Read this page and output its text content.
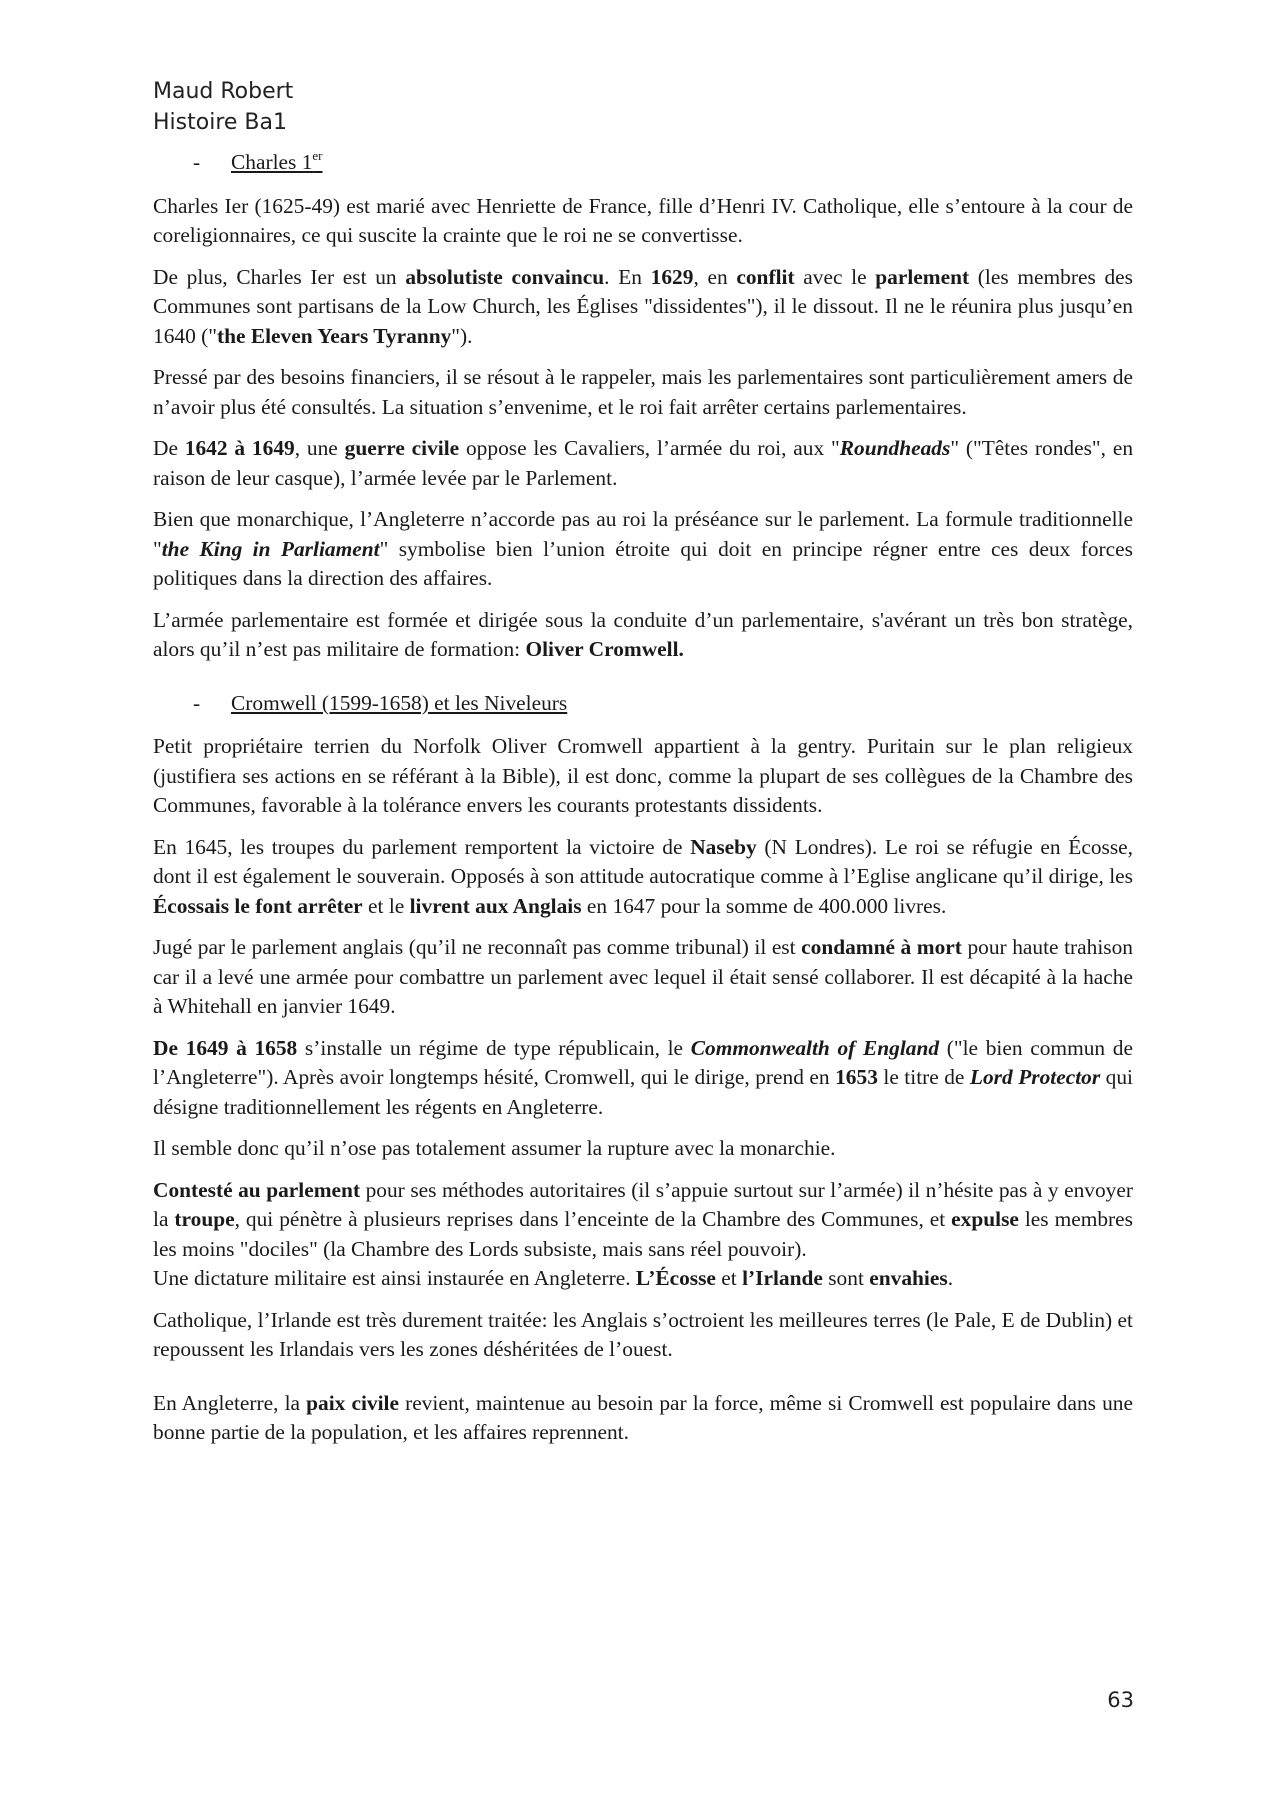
Maud Robert
Histoire Ba1
-	Charles 1er

Charles Ier (1625-49) est marié avec Henriette de France, fille d’Henri IV. Catholique, elle s’entoure à la cour de coreligionnaires, ce qui suscite la crainte que le roi ne se convertisse.

De plus, Charles Ier est un absolutiste convaincu. En 1629, en conflit avec le parlement (les membres des Communes sont partisans de la Low Church, les Églises "dissidentes"), il le dissout. Il ne le réunira plus jusqu’en 1640 ("the Eleven Years Tyranny").

Pressé par des besoins financiers, il se résout à le rappeler, mais les parlementaires sont particulièrement amers de n’avoir plus été consultés. La situation s’envenime, et le roi fait arrêter certains parlementaires.

De 1642 à 1649, une guerre civile oppose les Cavaliers, l’armée du roi, aux "Roundheads" ("Têtes rondes", en raison de leur casque), l’armée levée par le Parlement.

Bien que monarchique, l’Angleterre n’accorde pas au roi la préséance sur le parlement. La formule traditionnelle "the King in Parliament" symbolise bien l’union étroite qui doit en principe régner entre ces deux forces politiques dans la direction des affaires.

L’armée parlementaire est formée et dirigée sous la conduite d’un parlementaire, s'avérant un très bon stratège, alors qu’il n’est pas militaire de formation: Oliver Cromwell.

-	Cromwell (1599-1658) et les Niveleurs

Petit propriétaire terrien du Norfolk Oliver Cromwell appartient à la gentry. Puritain sur le plan religieux (justifiera ses actions en se référant à la Bible), il est donc, comme la plupart de ses collègues de la Chambre des Communes, favorable à la tolérance envers les courants protestants dissidents.

En 1645, les troupes du parlement remportent la victoire de Naseby (N Londres). Le roi se réfugie en Écosse, dont il est également le souverain. Opposés à son attitude autocratique comme à l’Eglise anglicane qu’il dirige, les Écossais le font arrêter et le livrent aux Anglais en 1647 pour la somme de 400.000 livres.

Jugé par le parlement anglais (qu’il ne reconnaît pas comme tribunal) il est condamné à mort pour haute trahison car il a levé une armée pour combattre un parlement avec lequel il était sensé collaborer. Il est décapité à la hache à Whitehall en janvier 1649.

De 1649 à 1658 s’installe un régime de type républicain, le Commonwealth of England ("le bien commun de l’Angleterre"). Après avoir longtemps hésité, Cromwell, qui le dirige, prend en 1653 le titre de Lord Protector qui désigne traditionnellement les régents en Angleterre.

Il semble donc qu’il n’ose pas totalement assumer la rupture avec la monarchie.

Contesté au parlement pour ses méthodes autoritaires (il s’appuie surtout sur l’armée) il n’hésite pas à y envoyer la troupe, qui pénètre à plusieurs reprises dans l’enceinte de la Chambre des Communes, et expulse les membres les moins "dociles" (la Chambre des Lords subsiste, mais sans réel pouvoir).
Une dictature militaire est ainsi instaurée en Angleterre. L’Écosse et l’Irlande sont envahies.

Catholique, l’Irlande est très durement traitée: les Anglais s’octroient les meilleures terres (le Pale, E de Dublin) et repoussent les Irlandais vers les zones déshéritées de l’ouest.

En Angleterre, la paix civile revient, maintenue au besoin par la force, même si Cromwell est populaire dans une bonne partie de la population, et les affaires reprennent.

63
